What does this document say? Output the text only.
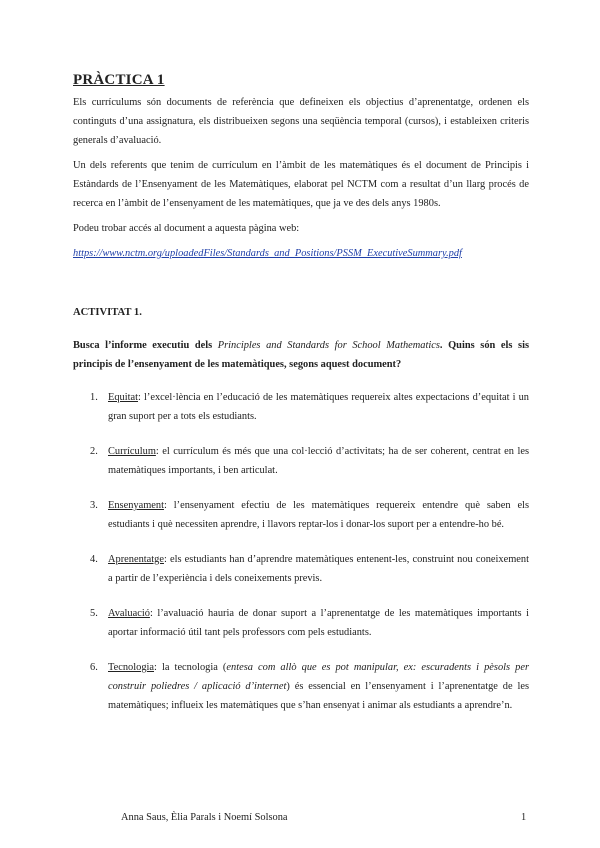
PRÀCTICA 1

Els currículums són documents de referència que defineixen els objectius d’aprenentatge, ordenen els continguts d’una assignatura, els distribueixen segons una seqüència temporal (cursos), i estableixen criteris generals d’avaluació.

Un dels referents que tenim de currículum en l’àmbit de les matemàtiques és el document de Principis i Estàndards de l’Ensenyament de les Matemàtiques, elaborat pel NCTM com a resultat d’un llarg procés de recerca en l’àmbit de l’ensenyament de les matemàtiques, que ja ve des dels anys 1980s.

Podeu trobar accés al document a aquesta pàgina web:

https://www.nctm.org/uploadedFiles/Standards_and_Positions/PSSM_ExecutiveSummary.pdf

ACTIVITAT 1.

Busca l’informe executiu dels Principles and Standards for School Mathematics. Quins són els sis principis de l’ensenyament de les matemàtiques, segons aquest document?

1. Equitat: l’excel·lència en l’educació de les matemàtiques requereix altes expectacions d’equitat i un gran suport per a tots els estudiants.
2. Currículum: el currículum és més que una col·lecció d’activitats; ha de ser coherent, centrat en les matemàtiques importants, i ben articulat.
3. Ensenyament: l’ensenyament efectiu de les matemàtiques requereix entendre què saben els estudiants i què necessiten aprendre, i llavors reptar-los i donar-los suport per a entendre-ho bé.
4. Aprenentatge: els estudiants han d’aprendre matemàtiques entenent-les, construint nou coneixement a partir de l’experiència i dels coneixements previs.
5. Avaluació: l’avaluació hauria de donar suport a l’aprenentatge de les matemàtiques importants i aportar informació útil tant pels professors com pels estudiants.
6. Tecnologia: la tecnologia (entesa com allò que es pot manipular, ex: escuradents i pèsols per construir poliedres / aplicació d’internet) és essencial en l’ensenyament i l’aprenentatge de les matemàtiques; influeix les matemàtiques que s’han ensenyat i animar als estudiants a aprendre’n.
Anna Saus, Èlia Parals i Noemí Solsona	1
